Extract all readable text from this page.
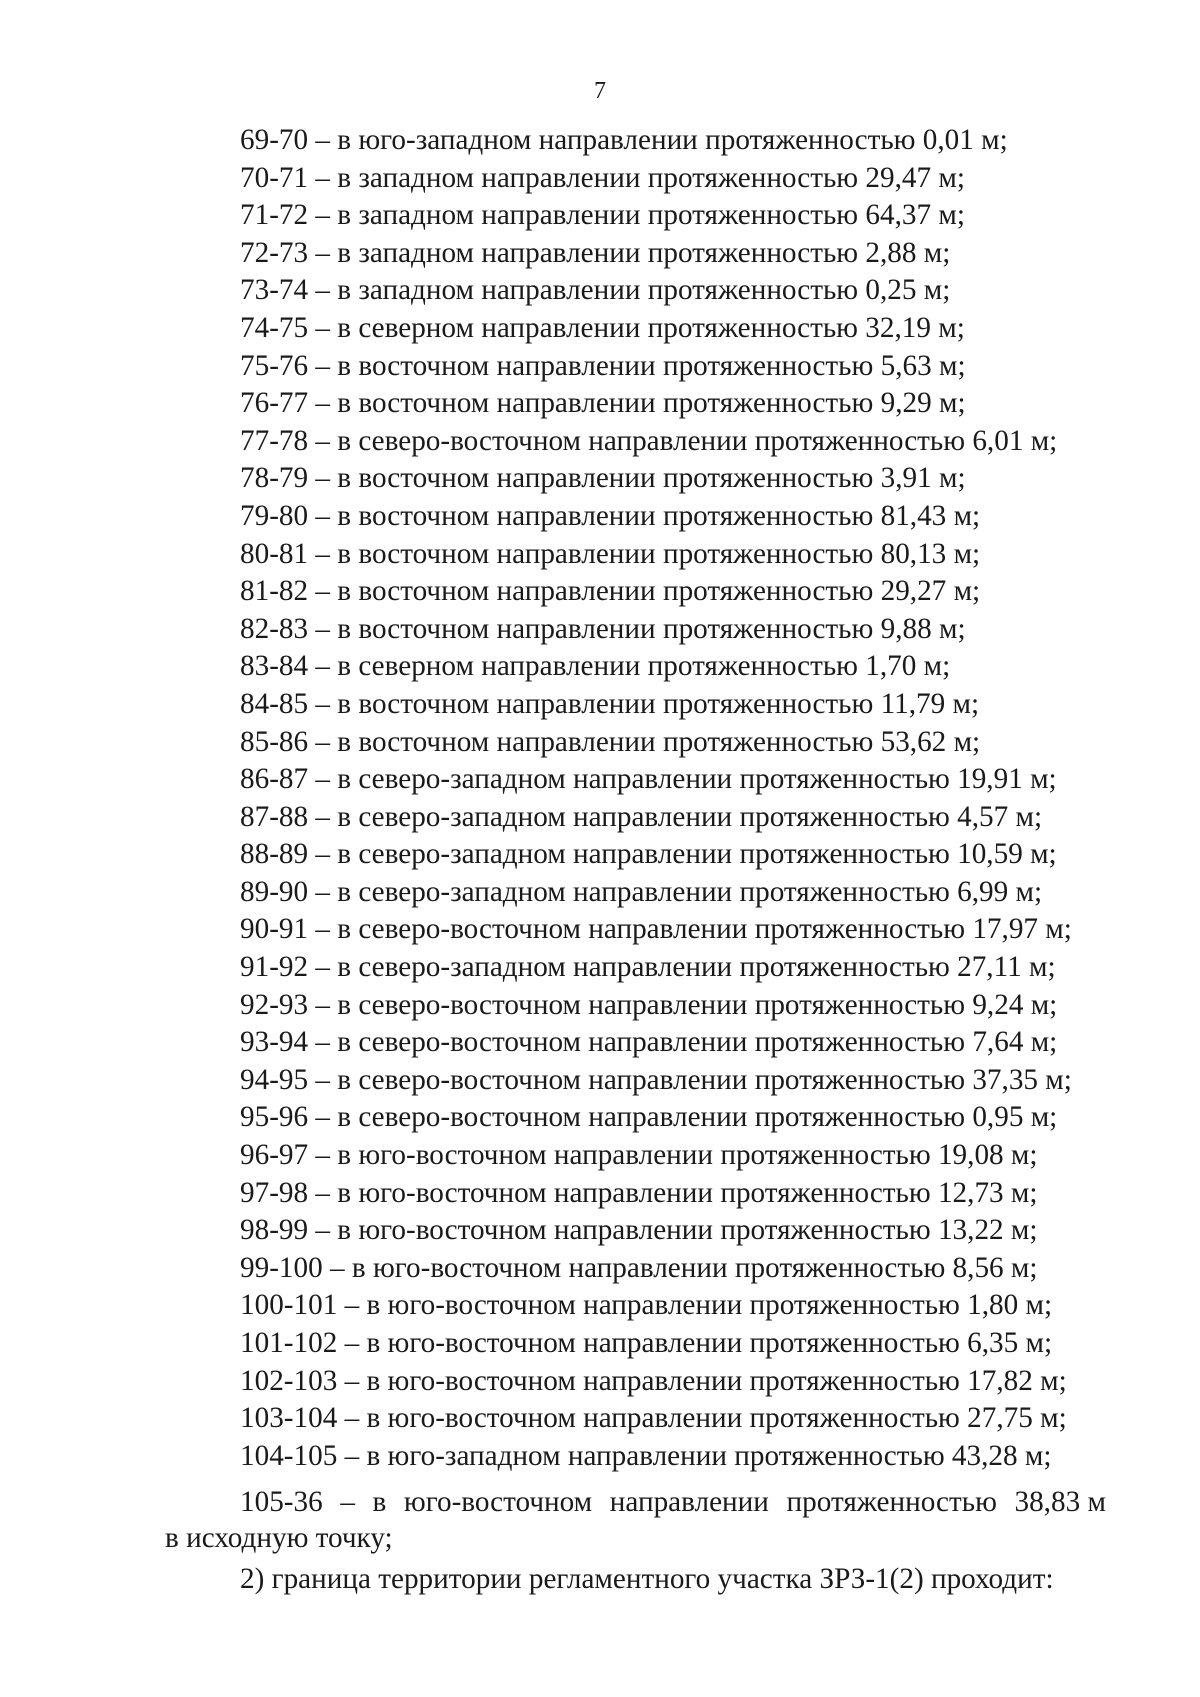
7
69-70 – в юго-западном направлении протяженностью 0,01 м;
70-71 – в западном направлении протяженностью 29,47 м;
71-72 – в западном направлении протяженностью 64,37 м;
72-73 – в западном направлении протяженностью 2,88 м;
73-74 – в западном направлении протяженностью 0,25 м;
74-75 – в северном направлении протяженностью 32,19 м;
75-76 – в восточном направлении протяженностью 5,63 м;
76-77 – в восточном направлении протяженностью 9,29 м;
77-78 – в северо-восточном направлении протяженностью 6,01 м;
78-79 – в восточном направлении протяженностью 3,91 м;
79-80 – в восточном направлении протяженностью 81,43 м;
80-81 – в восточном направлении протяженностью 80,13 м;
81-82 – в восточном направлении протяженностью 29,27 м;
82-83 – в восточном направлении протяженностью 9,88 м;
83-84 – в северном направлении протяженностью 1,70 м;
84-85 – в восточном направлении протяженностью 11,79 м;
85-86 – в восточном направлении протяженностью 53,62 м;
86-87 – в северо-западном направлении протяженностью 19,91 м;
87-88 – в северо-западном направлении протяженностью 4,57 м;
88-89 – в северо-западном направлении протяженностью 10,59 м;
89-90 – в северо-западном направлении протяженностью 6,99 м;
90-91 – в северо-восточном направлении протяженностью 17,97 м;
91-92 – в северо-западном направлении протяженностью 27,11 м;
92-93 – в северо-восточном направлении протяженностью 9,24 м;
93-94 – в северо-восточном направлении протяженностью 7,64 м;
94-95 – в северо-восточном направлении протяженностью 37,35 м;
95-96 – в северо-восточном направлении протяженностью 0,95 м;
96-97 – в юго-восточном направлении протяженностью 19,08 м;
97-98 – в юго-восточном направлении протяженностью 12,73 м;
98-99 – в юго-восточном направлении протяженностью 13,22 м;
99-100 – в юго-восточном направлении протяженностью 8,56 м;
100-101 – в юго-восточном направлении протяженностью 1,80 м;
101-102 – в юго-восточном направлении протяженностью 6,35 м;
102-103 – в юго-восточном направлении протяженностью 17,82 м;
103-104 – в юго-восточном направлении протяженностью 27,75 м;
104-105 – в юго-западном направлении протяженностью 43,28 м;
105-36 – в юго-восточном направлении протяженностью 38,83 м
в исходную точку;
2) граница территории регламентного участка ЗРЗ-1(2) проходит:
